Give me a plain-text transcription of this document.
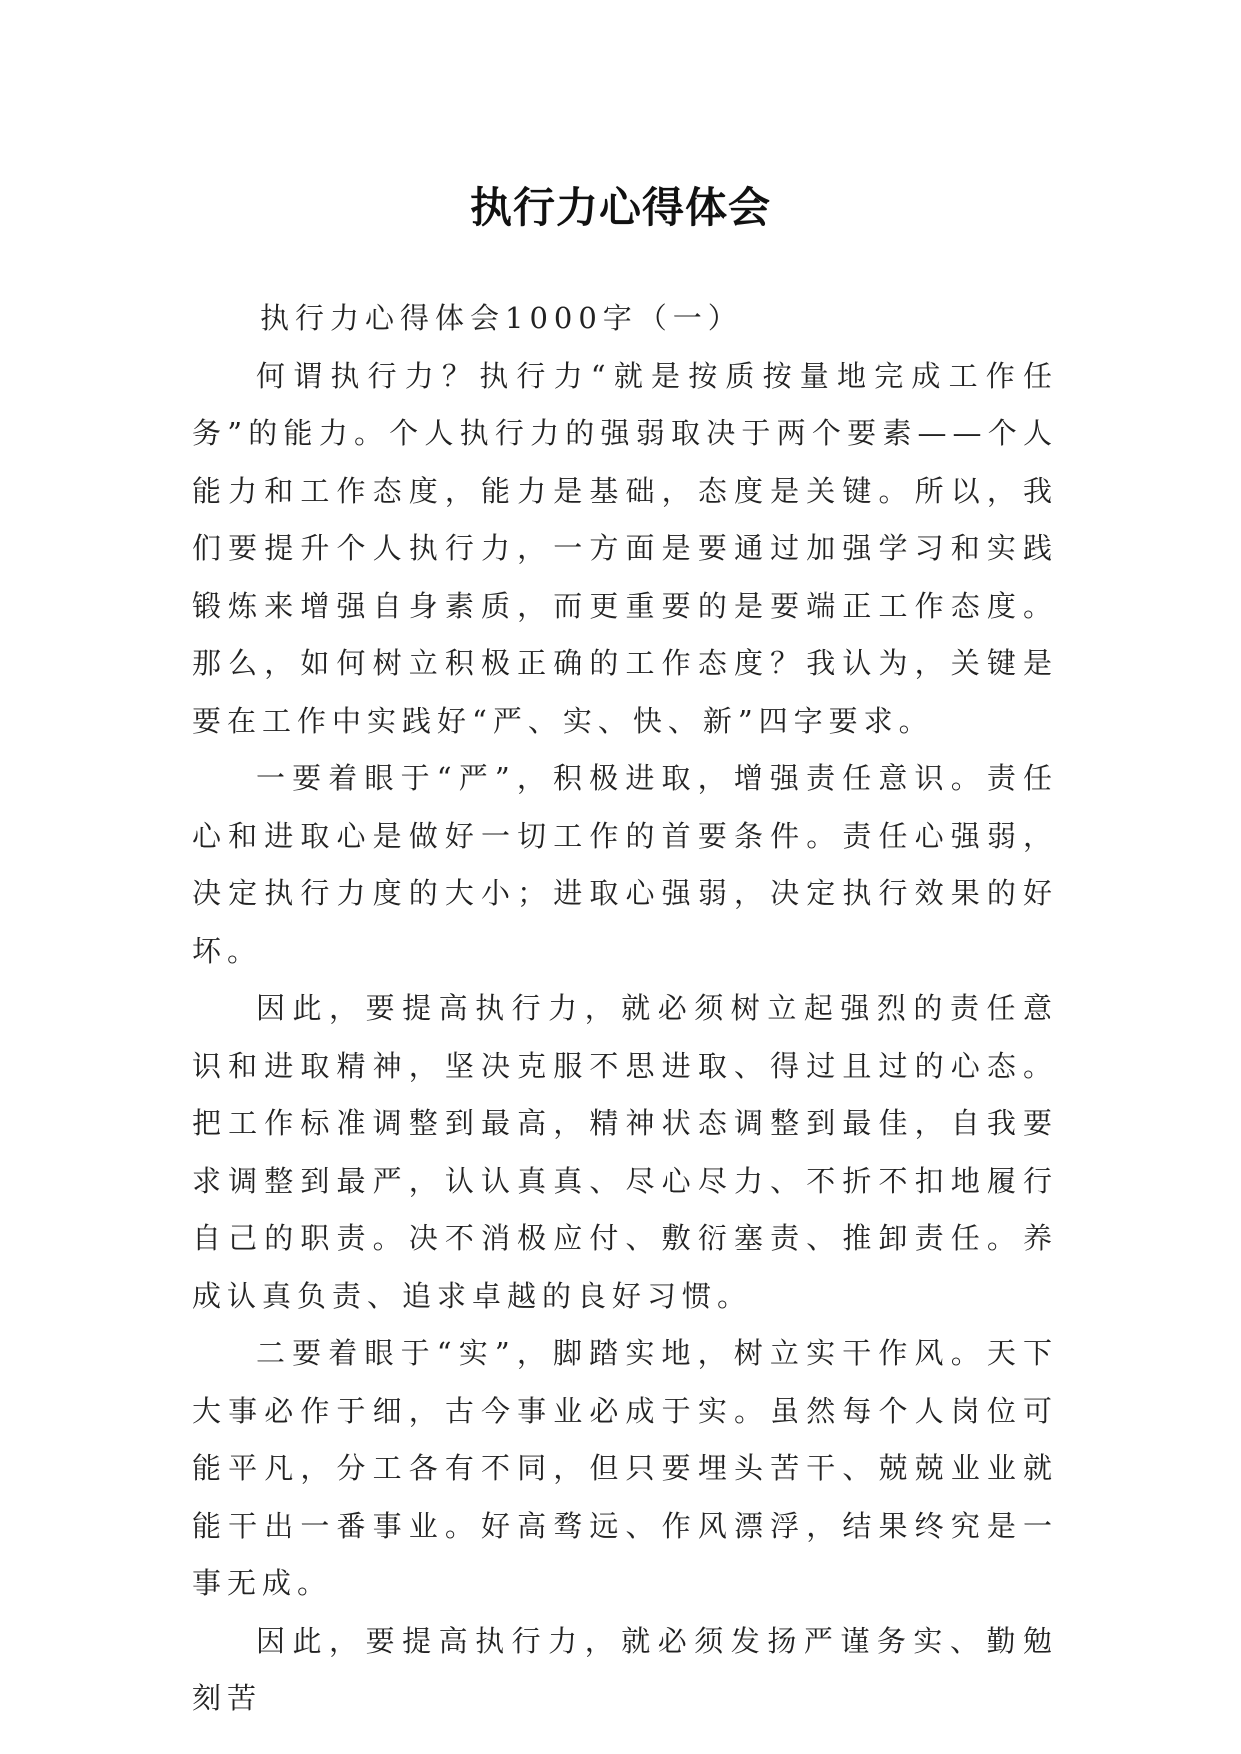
执行力心得体会

执行力心得体会1000字（一）

何谓执行力？执行力“就是按质按量地完成工作任务”的能力。个人执行力的强弱取决于两个要素——个人能力和工作态度，能力是基础，态度是关键。所以，我们要提升个人执行力，一方面是要通过加强学习和实践锻炼来增强自身素质，而更重要的是要端正工作态度。那么，如何树立积极正确的工作态度？我认为，关键是要在工作中实践好“严、实、快、新”四字要求。

一要着眼于“严”，积极进取，增强责任意识。责任心和进取心是做好一切工作的首要条件。责任心强弱，决定执行力度的大小；进取心强弱，决定执行效果的好坏。

因此，要提高执行力，就必须树立起强烈的责任意识和进取精神，坚决克服不思进取、得过且过的心态。把工作标准调整到最高，精神状态调整到最佳，自我要求调整到最严，认认真真、尽心尽力、不折不扣地履行自己的职责。决不消极应付、敷衍塞责、推卸责任。养成认真负责、追求卓越的良好习惯。

二要着眼于“实”，脚踏实地，树立实干作风。天下大事必作于细，古今事业必成于实。虽然每个人岗位可能平凡，分工各有不同，但只要埋头苦干、兢兢业业就能干出一番事业。好高骛远、作风漂浮，结果终究是一事无成。

因此，要提高执行力，就必须发扬严谨务实、勤勉刻苦
